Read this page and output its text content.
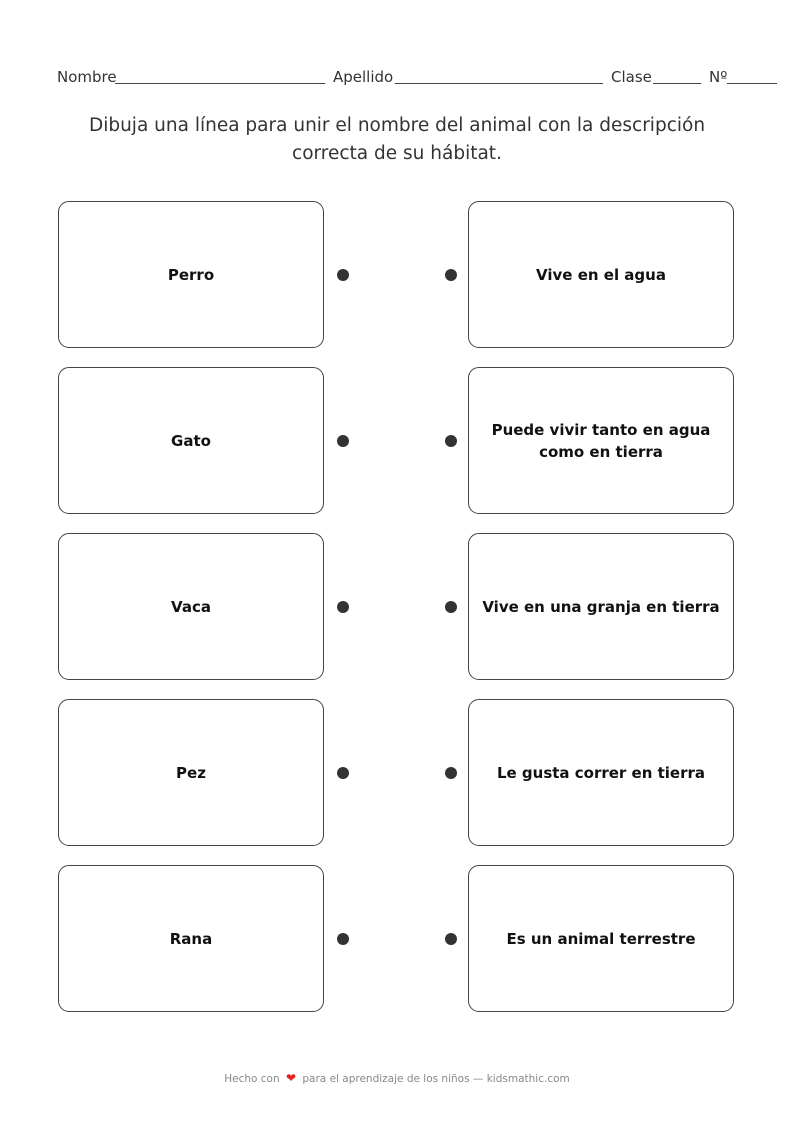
Nombre	Apellido	Clase	Nº
Dibuja una línea para unir el nombre del animal con la descripción correcta de su hábitat.
Perro	Vive en el agua
Gato
Puede vivir tanto en agua como en tierra
Vaca	Vive en una granja en tierra
Pez	Le gusta correr en tierra
Rana	Es un animal terrestre
Hecho con ❤ para el aprendizaje de los niños — kidsmathic.com
